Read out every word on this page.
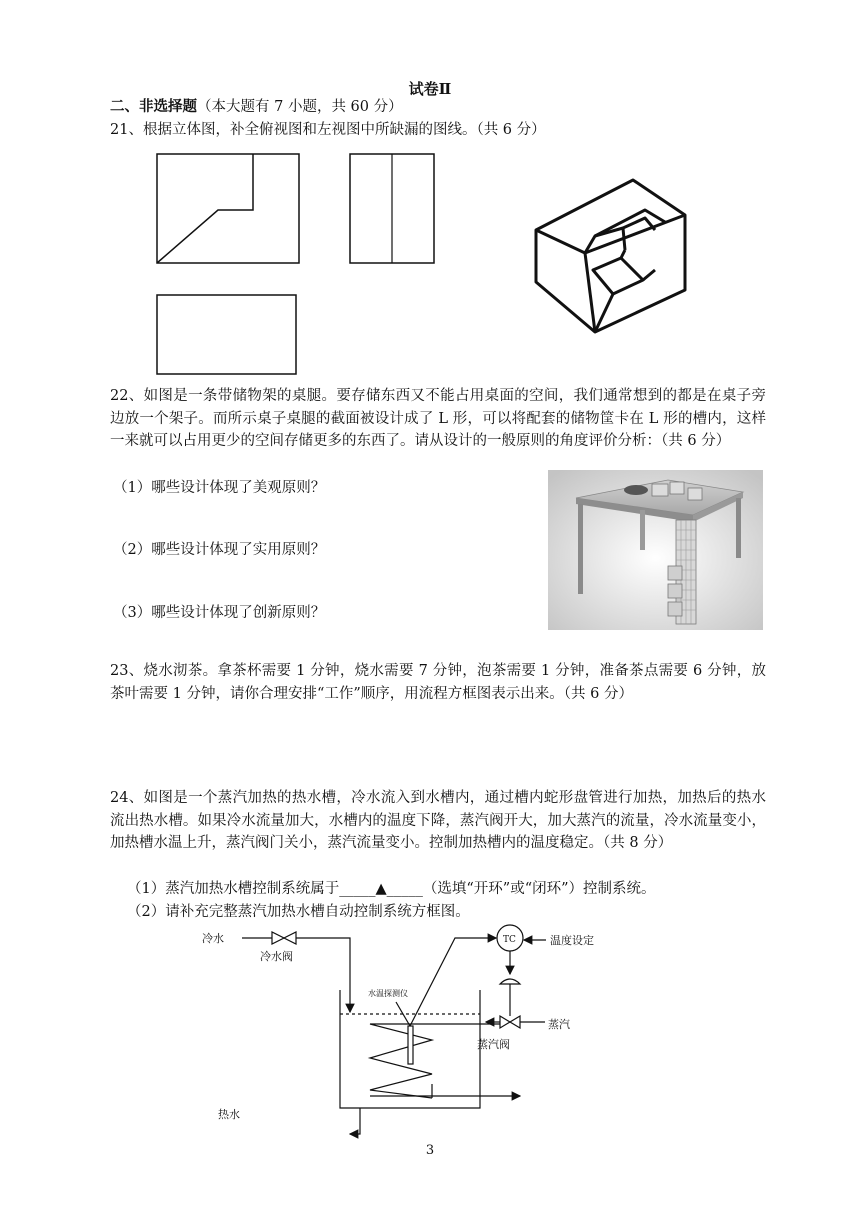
试卷Ⅱ
二、非选择题（本大题有 7 小题，共 60 分）
21、根据立体图，补全俯视图和左视图中所缺漏的图线。（共 6 分）
22、如图是一条带储物架的桌腿。要存储东西又不能占用桌面的空间，我们通常想到的都是在桌子旁边放一个架子。而所示桌子桌腿的截面被设计成了 L 形，可以将配套的储物筐卡在 L 形的槽内，这样一来就可以占用更少的空间存储更多的东西了。请从设计的一般原则的角度评价分析：（共 6 分）
（1）哪些设计体现了美观原则？
（2）哪些设计体现了实用原则？
（3）哪些设计体现了创新原则？
23、烧水沏茶。拿茶杯需要 1 分钟，烧水需要 7 分钟，泡茶需要 1 分钟，准备茶点需要 6 分钟，放茶叶需要 1 分钟，请你合理安排“工作”顺序，用流程方框图表示出来。（共 6 分）
24、如图是一个蒸汽加热的热水槽，冷水流入到水槽内，通过槽内蛇形盘管进行加热，加热后的热水流出热水槽。如果冷水流量加大，水槽内的温度下降，蒸汽阀开大，加大蒸汽的流量，冷水流量变小，加热槽水温上升，蒸汽阀门关小，蒸汽流量变小。控制加热槽内的温度稳定。（共 8 分）
（1）蒸汽加热水槽控制系统属于_____▲_____（选填“开环”或“闭环”）控制系统。
（2）请补充完整蒸汽加热水槽自动控制系统方框图。
冷水
冷水阀
TC	温度设定
水温探测仪
蒸汽
蒸汽阀
热水
3
